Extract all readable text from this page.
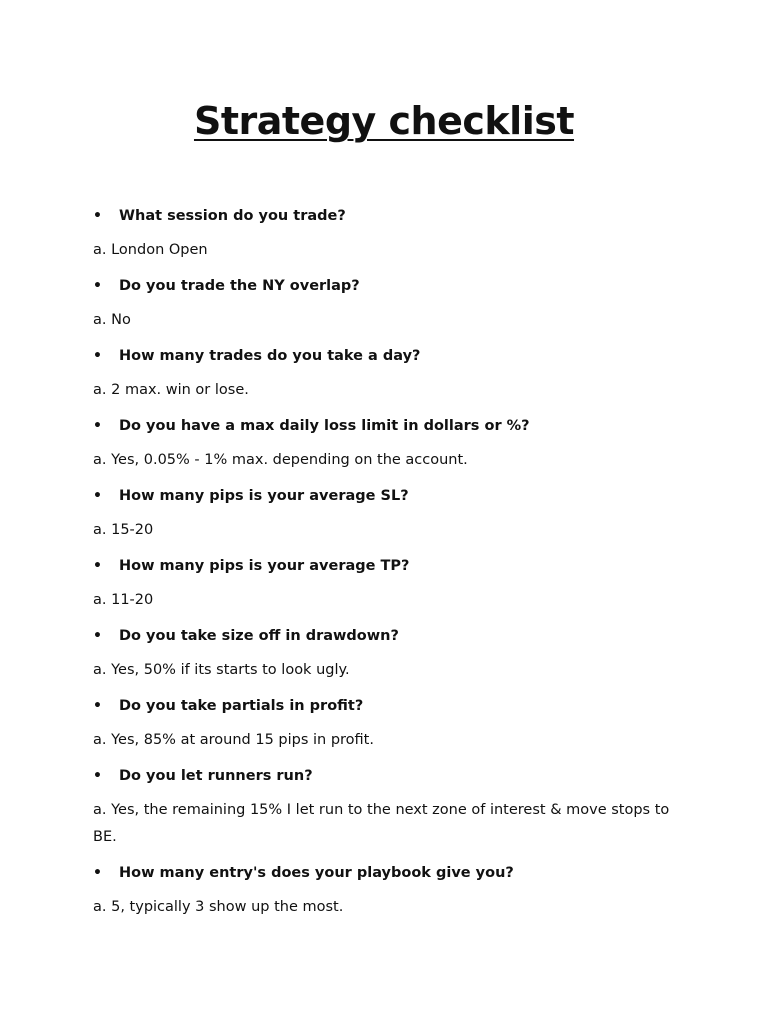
Strategy checklist
• What session do you trade?
a. London Open
• Do you trade the NY overlap?
a. No
• How many trades do you take a day?
a. 2 max. win or lose.
• Do you have a max daily loss limit in dollars or %?
a. Yes, 0.05% - 1% max. depending on the account.
• How many pips is your average SL?
a. 15-20
• How many pips is your average TP?
a. 11-20
• Do you take size off in drawdown?
a. Yes, 50% if its starts to look ugly.
• Do you take partials in profit?
a. Yes, 85% at around 15 pips in profit.
• Do you let runners run?
a. Yes, the remaining 15% I let run to the next zone of interest & move stops to BE.
• How many entry's does your playbook give you?
a. 5, typically 3 show up the most.
